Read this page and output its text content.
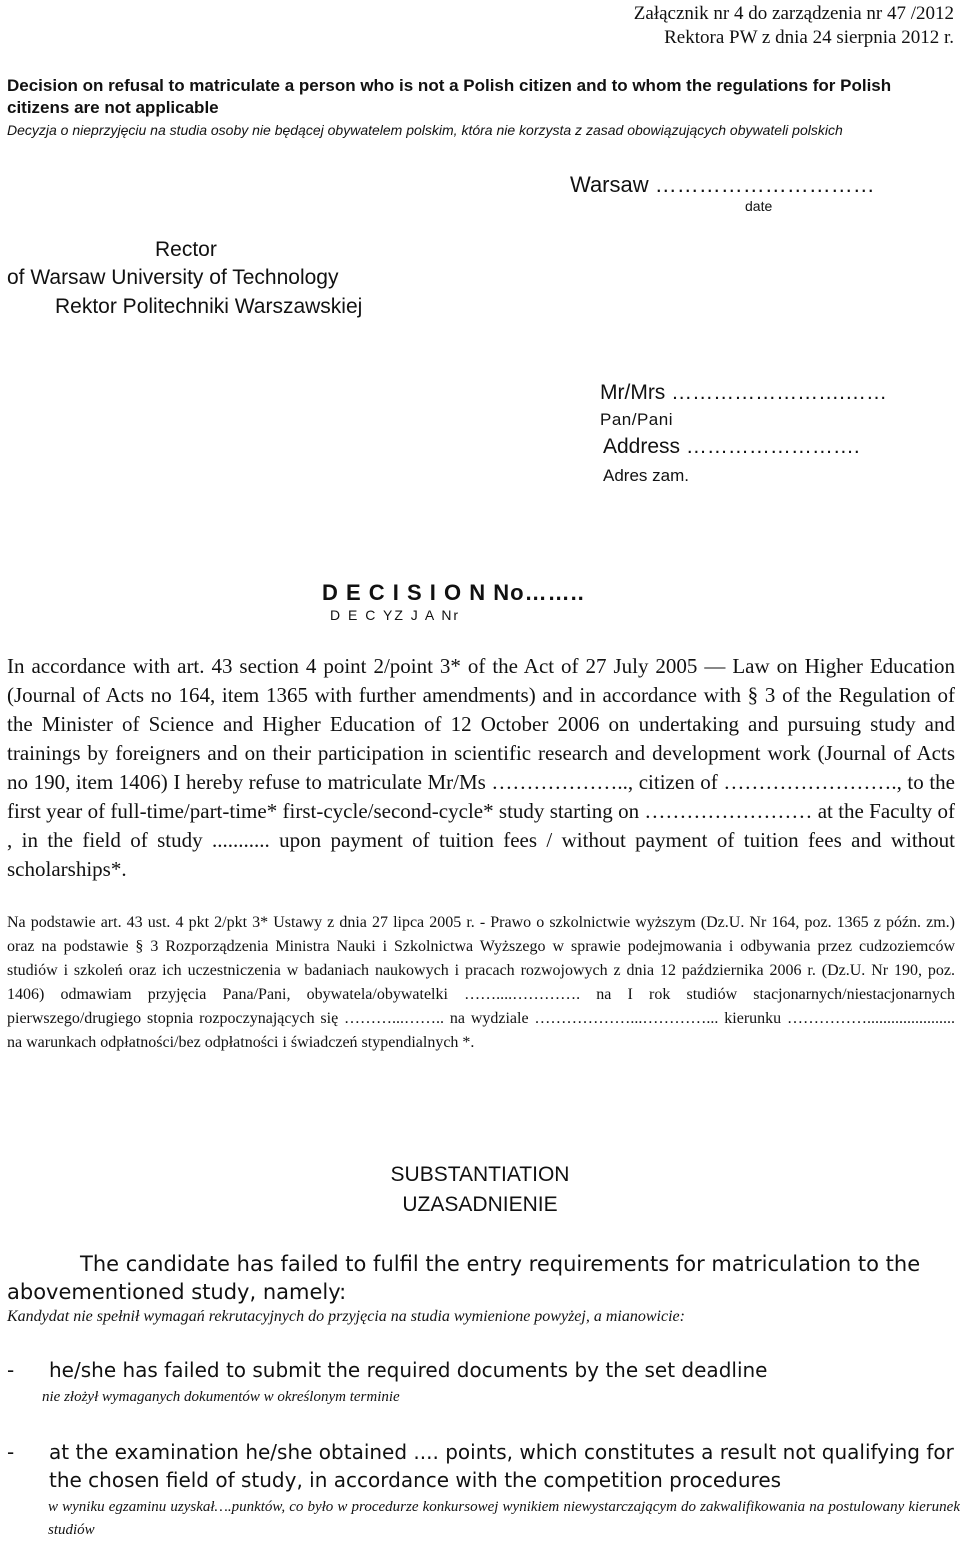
Załącznik nr 4 do zarządzenia nr 47 /2012
Rektora PW z dnia 24 sierpnia 2012 r.
Decision on refusal to matriculate a person who is not a Polish citizen and to whom the regulations for Polish citizens are not applicable
Decyzja o nieprzyjęciu na studia osoby nie będącej obywatelem polskim, która nie korzysta z zasad obowiązujących obywateli polskich
Warsaw …………………………
date
Rector
of Warsaw University of Technology
Rektor Politechniki Warszawskiej
Mr/Mrs …………………….……
Pan/Pani
Address …………………….
Adres zam.
D E C I S I O N No……..
D E C YZ J A Nr

In accordance with art. 43 section 4 point 2/point 3* of the Act of 27 July 2005 ― Law on Higher Education (Journal of Acts no 164, item 1365 with further amendments) and in accordance with § 3 of the Regulation of the Minister of Science and Higher Education of 12 October 2006 on undertaking and pursuing study and trainings by foreigners and on their participation in scientific research and development work (Journal of Acts no 190, item 1406) I hereby refuse to matriculate Mr/Ms ……………….., citizen of ……………………., to the first year of full-time/part-time* first-cycle/second-cycle* study starting on …………………… at the Faculty of , in the field of study ........... upon payment of tuition fees / without payment of tuition fees and without scholarships*.

Na podstawie art. 43 ust. 4 pkt 2/pkt 3* Ustawy z dnia 27 lipca 2005 r. - Prawo o szkolnictwie wyższym (Dz.U. Nr 164, poz. 1365 z późn. zm.) oraz na podstawie § 3 Rozporządzenia Ministra Nauki i Szkolnictwa Wyższego w sprawie podejmowania i odbywania przez cudzoziemców studiów i szkoleń oraz ich uczestniczenia w badaniach naukowych i pracach rozwojowych z dnia 12 października 2006 r. (Dz.U. Nr 190, poz. 1406) odmawiam przyjęcia Pana/Pani, obywatela/obywatelki ……....…………. na I rok studiów stacjonarnych/niestacjonarnych pierwszego/drugiego stopnia rozpoczynających się ………...…….. na wydziale ………………...…………... kierunku ……………...................... na warunkach odpłatności/bez odpłatności i świadczeń stypendialnych *.

SUBSTANTIATION
UZASADNIENIE
The candidate has failed to fulfil the entry requirements for matriculation to the abovementioned study, namely:
Kandydat nie spełnił wymagań rekrutacyjnych do przyjęcia na studia wymienione powyżej, a mianowicie:
- he/she has failed to submit the required documents by the set deadline
nie złożył wymaganych dokumentów w określonym terminie
- at the examination he/she obtained .... points, which constitutes a result not qualifying for the chosen field of study, in accordance with the competition procedures
w wyniku egzaminu uzyskał….punktów, co było w procedurze konkursowej wynikiem niewystarczającym do zakwalifikowania na postulowany kierunek studiów
